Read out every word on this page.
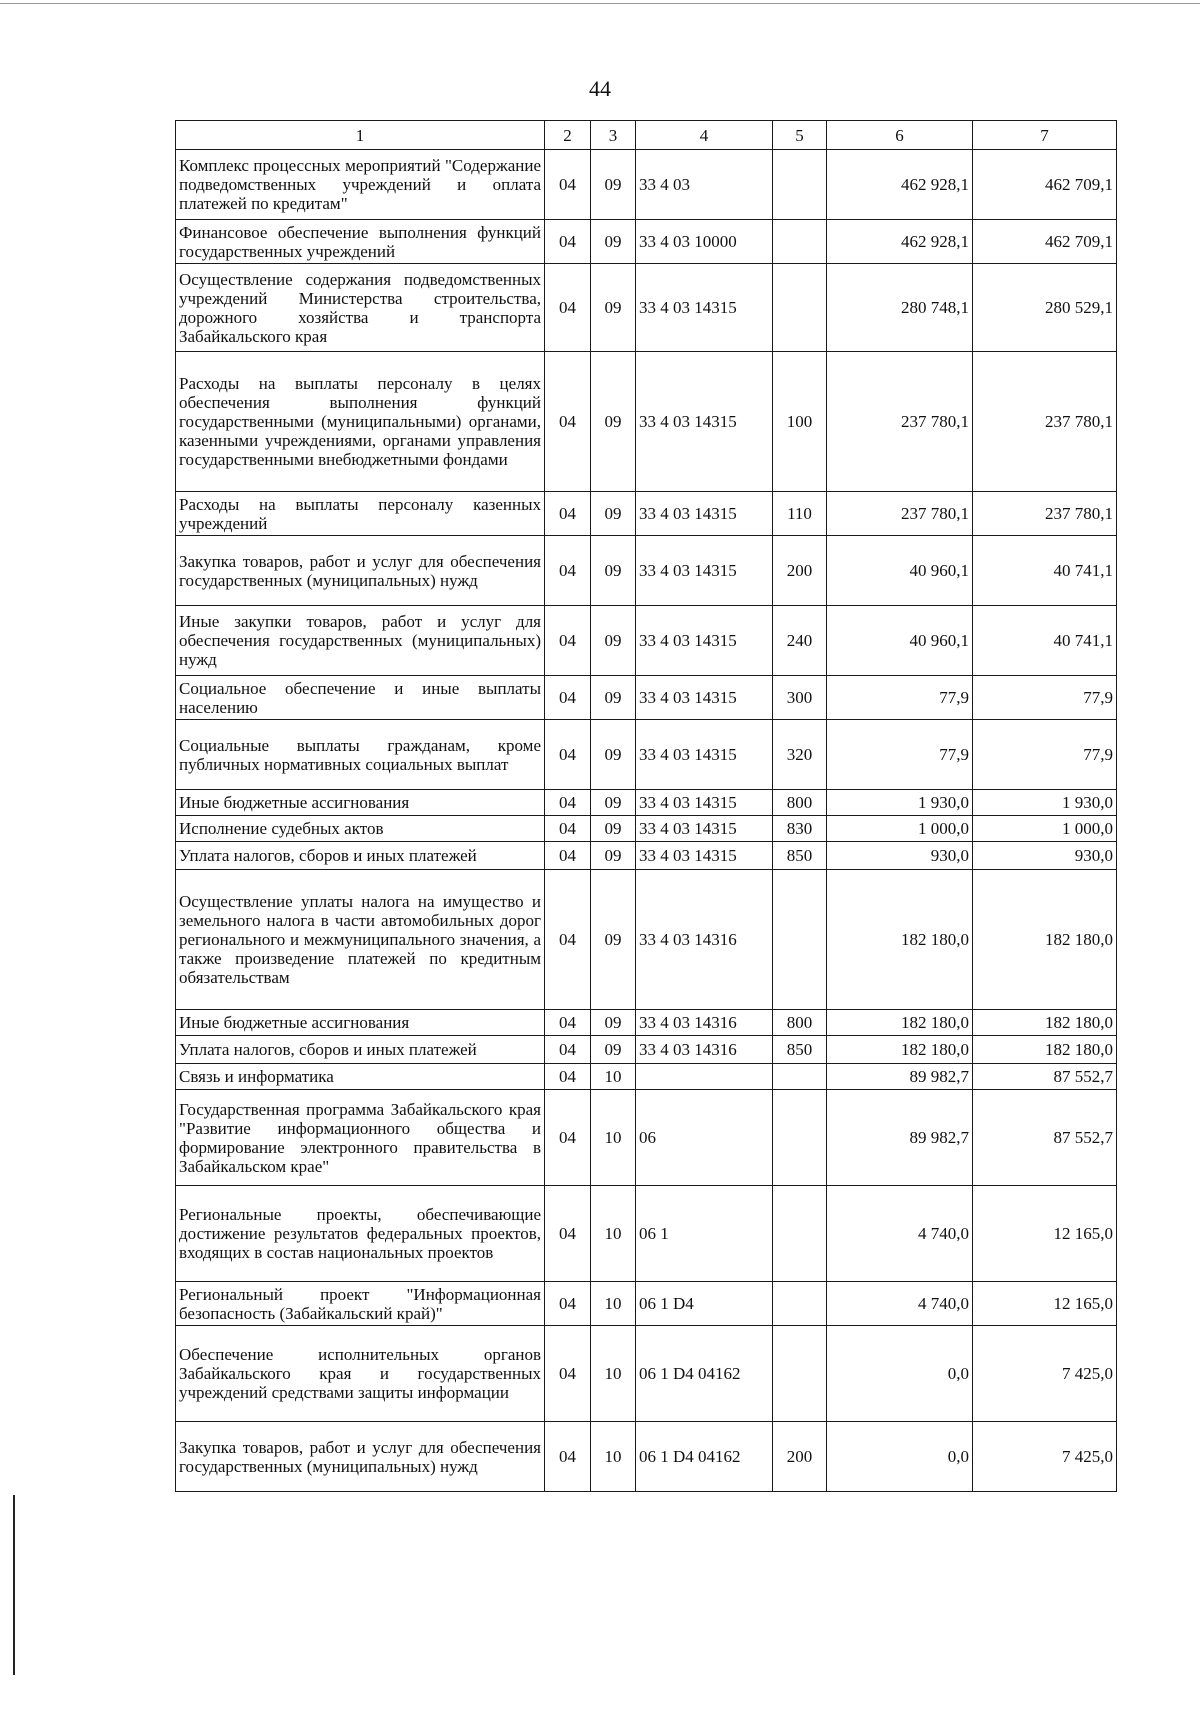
44
1	2	3	4	5	6	7
Комплекс процессных мероприятий "Содержание подведомственных учреждений и оплата платежей по кредитам"	04	09	33 4 03		462 928,1	462 709,1
Финансовое обеспечение выполнения функций государственных учреждений	04	09	33 4 03 10000		462 928,1	462 709,1
Осуществление содержания подведомственных учреждений Министерства строительства, дорожного хозяйства и транспорта Забайкальского края	04	09	33 4 03 14315		280 748,1	280 529,1
Расходы на выплаты персоналу в целях обеспечения выполнения функций государственными (муниципальными) органами, казенными учреждениями, органами управления государственными внебюджетными фондами	04	09	33 4 03 14315	100	237 780,1	237 780,1
Расходы на выплаты персоналу казенных учреждений	04	09	33 4 03 14315	110	237 780,1	237 780,1
Закупка товаров, работ и услуг для обеспечения государственных (муниципальных) нужд	04	09	33 4 03 14315	200	40 960,1	40 741,1
Иные закупки товаров, работ и услуг для обеспечения государственных (муниципальных) нужд	04	09	33 4 03 14315	240	40 960,1	40 741,1
Социальное обеспечение и иные выплаты населению	04	09	33 4 03 14315	300	77,9	77,9
Социальные выплаты гражданам, кроме публичных нормативных социальных выплат	04	09	33 4 03 14315	320	77,9	77,9
Иные бюджетные ассигнования	04	09	33 4 03 14315	800	1 930,0	1 930,0
Исполнение судебных актов	04	09	33 4 03 14315	830	1 000,0	1 000,0
Уплата налогов, сборов и иных платежей	04	09	33 4 03 14315	850	930,0	930,0
Осуществление уплаты налога на имущество и земельного налога в части автомобильных дорог регионального и межмуниципального значения, а также произведение платежей по кредитным обязательствам	04	09	33 4 03 14316		182 180,0	182 180,0
Иные бюджетные ассигнования	04	09	33 4 03 14316	800	182 180,0	182 180,0
Уплата налогов, сборов и иных платежей	04	09	33 4 03 14316	850	182 180,0	182 180,0
Связь и информатика	04	10			89 982,7	87 552,7
Государственная программа Забайкальского края "Развитие информационного общества и формирование электронного правительства в Забайкальском крае"	04	10	06		89 982,7	87 552,7
Региональные проекты, обеспечивающие достижение результатов федеральных проектов, входящих в состав национальных проектов	04	10	06 1		4 740,0	12 165,0
Региональный проект "Информационная безопасность (Забайкальский край)"	04	10	06 1 D4		4 740,0	12 165,0
Обеспечение исполнительных органов Забайкальского края и государственных учреждений средствами защиты информации	04	10	06 1 D4 04162		0,0	7 425,0
Закупка товаров, работ и услуг для обеспечения государственных (муниципальных) нужд	04	10	06 1 D4 04162	200	0,0	7 425,0
